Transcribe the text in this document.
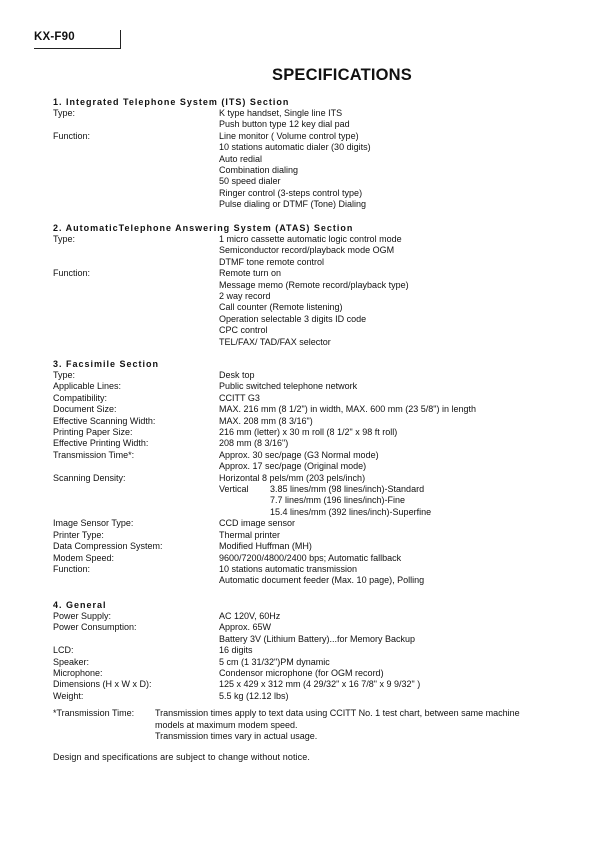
KX-F90
SPECIFICATIONS
1. Integrated Telephone System (ITS) Section
Type:	K type handset, Single line ITS
Push button type 12 key dial pad
Function:	Line monitor ( Volume control type)
10 stations automatic dialer (30 digits)
Auto redial
Combination dialing
50 speed dialer
Ringer control (3-steps control type)
Pulse dialing or DTMF (Tone) Dialing
2. AutomaticTelephone Answering System (ATAS) Section
Type:	1 micro cassette automatic logic control mode
Semiconductor record/playback mode OGM
DTMF tone remote control
Function:	Remote turn on
Message memo (Remote record/playback type)
2 way record
Call counter (Remote listening)
Operation selectable 3 digits ID code
CPC control
TEL/FAX/ TAD/FAX selector
3. Facsimile Section
Type:	Desk top
Applicable Lines:	Public switched telephone network
Compatibility:	CCITT G3
Document Size:	MAX. 216 mm (8 1/2") in width, MAX. 600 mm (23 5/8") in length
Effective Scanning Width:	MAX. 208 mm (8 3/16")
Printing Paper Size:	216 mm (letter) x 30 m roll (8 1/2" x 98 ft roll)
Effective Printing Width:	208 mm (8 3/16")
Transmission Time*:	Approx. 30 sec/page (G3 Normal mode)
Approx. 17 sec/page (Original mode)
Scanning Density:	Horizontal 8 pels/mm (203 pels/inch)
Vertical	3.85 lines/mm (98 lines/inch)-Standard
7.7 lines/mm (196 lines/inch)-Fine
15.4 lines/mm (392 lines/inch)-Superfine
Image Sensor Type:	CCD image sensor
Printer Type:	Thermal printer
Data Compression System:	Modified Huffman (MH)
Modem Speed:	9600/7200/4800/2400 bps; Automatic fallback
Function:	10 stations automatic transmission
Automatic document feeder (Max. 10 page), Polling
4. General
Power Supply:	AC 120V, 60Hz
Power Consumption:	Approx. 65W
Battery 3V (Lithium Battery)...for Memory Backup
LCD:	16 digits
Speaker:	5 cm (1 31/32")PM dynamic
Microphone:	Condensor microphone (for OGM record)
Dimensions (H x W x D):	125 x 429 x 312 mm (4 29/32" x 16 7/8" x 9 9/32" )
Weight:	5.5 kg (12.12 lbs)
*Transmission Time:	Transmission times apply to text data using CCITT No. 1 test chart, between same machine
models at maximum modem speed.
Transmission times vary in actual usage.
Design and specifications are subject to change without notice.
